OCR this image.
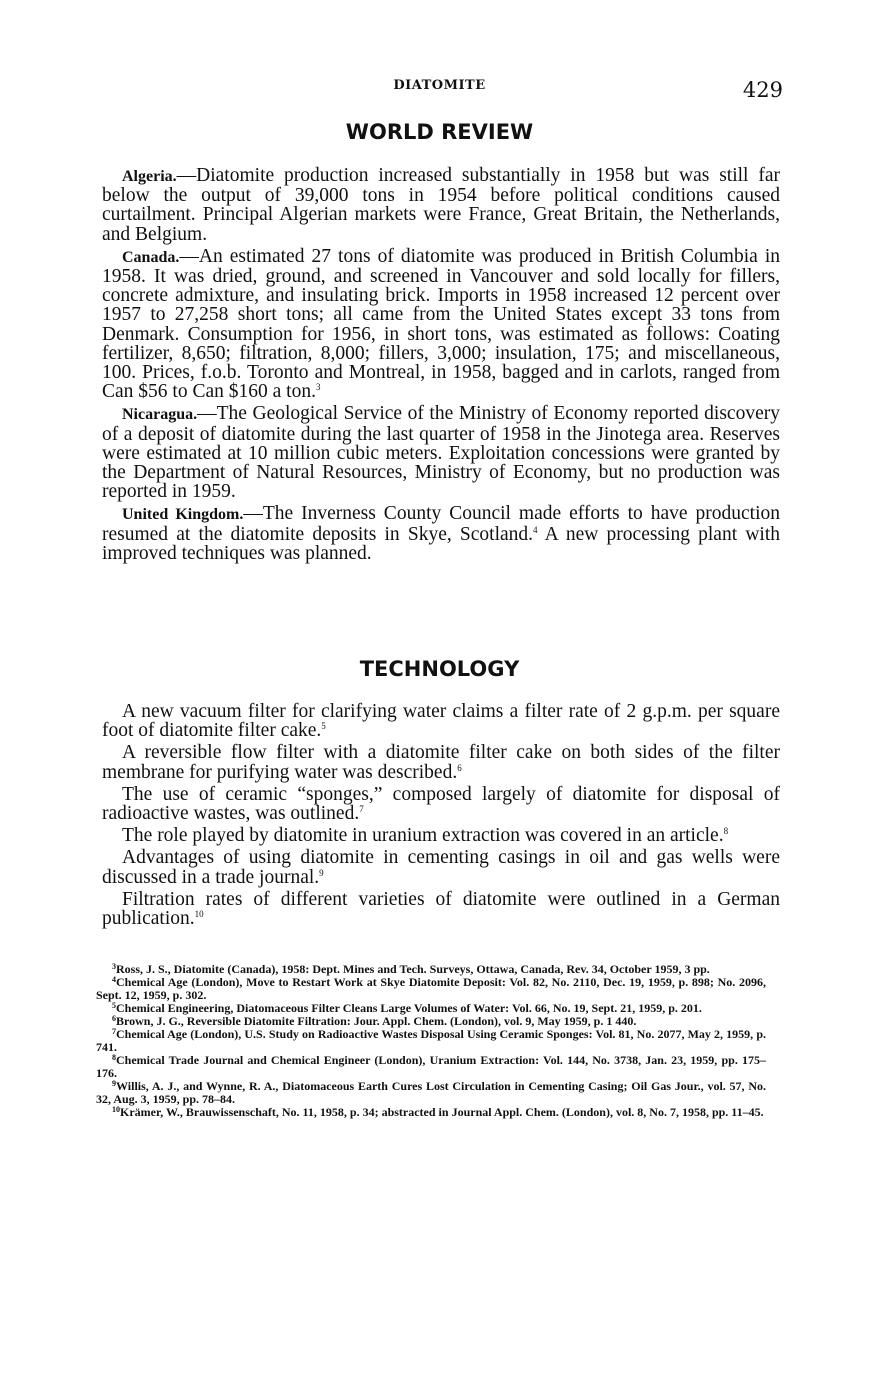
DIATOMITE	429
WORLD REVIEW

Algeria.—Diatomite production increased substantially in 1958 but was still far below the output of 39,000 tons in 1954 before political conditions caused curtailment. Principal Algerian markets were France, Great Britain, the Netherlands, and Belgium.

Canada.—An estimated 27 tons of diatomite was produced in British Columbia in 1958. It was dried, ground, and screened in Vancouver and sold locally for fillers, concrete admixture, and insulating brick. Imports in 1958 increased 12 percent over 1957 to 27,258 short tons; all came from the United States except 33 tons from Denmark. Consumption for 1956, in short tons, was estimated as follows: Coating fertilizer, 8,650; filtration, 8,000; fillers, 3,000; insulation, 175; and miscellaneous, 100. Prices, f.o.b. Toronto and Montreal, in 1958, bagged and in carlots, ranged from Can $56 to Can $160 a ton.$^3$

Nicaragua.—The Geological Service of the Ministry of Economy reported discovery of a deposit of diatomite during the last quarter of 1958 in the Jinotega area. Reserves were estimated at 10 million cubic meters. Exploitation concessions were granted by the Department of Natural Resources, Ministry of Economy, but no production was reported in 1959.

United Kingdom.—The Inverness County Council made efforts to have production resumed at the diatomite deposits in Skye, Scotland.$^4$ A new processing plant with improved techniques was planned.

TECHNOLOGY

A new vacuum filter for clarifying water claims a filter rate of 2 g.p.m. per square foot of diatomite filter cake.$^5$

A reversible flow filter with a diatomite filter cake on both sides of the filter membrane for purifying water was described.$^6$

The use of ceramic “sponges,” composed largely of diatomite for disposal of radioactive wastes, was outlined.$^7$

The role played by diatomite in uranium extraction was covered in an article.$^8$

Advantages of using diatomite in cementing casings in oil and gas wells were discussed in a trade journal.$^9$

Filtration rates of different varieties of diatomite were outlined in a German publication.$^{10}$

$^3$Ross, J. S., Diatomite (Canada), 1958: Dept. Mines and Tech. Surveys, Ottawa, Canada, Rev. 34, October 1959, 3 pp.

$^4$Chemical Age (London), Move to Restart Work at Skye Diatomite Deposit: Vol. 82, No. 2110, Dec. 19, 1959, p. 898; No. 2096, Sept. 12, 1959, p. 302.

$^5$Chemical Engineering, Diatomaceous Filter Cleans Large Volumes of Water: Vol. 66, No. 19, Sept. 21, 1959, p. 201.

$^6$Brown, J. G., Reversible Diatomite Filtration: Jour. Appl. Chem. (London), vol. 9, May 1959, p. 1 440.

$^7$Chemical Age (London), U.S. Study on Radioactive Wastes Disposal Using Ceramic Sponges: Vol. 81, No. 2077, May 2, 1959, p. 741.

$^8$Chemical Trade Journal and Chemical Engineer (London), Uranium Extraction: Vol. 144, No. 3738, Jan. 23, 1959, pp. 175–176.

$^9$Willis, A. J., and Wynne, R. A., Diatomaceous Earth Cures Lost Circulation in Cementing Casing; Oil Gas Jour., vol. 57, No. 32, Aug. 3, 1959, pp. 78–84.

$^{10}$Krämer, W., Brauwissenschaft, No. 11, 1958, p. 34; abstracted in Journal Appl. Chem. (London), vol. 8, No. 7, 1958, pp. 11–45.
